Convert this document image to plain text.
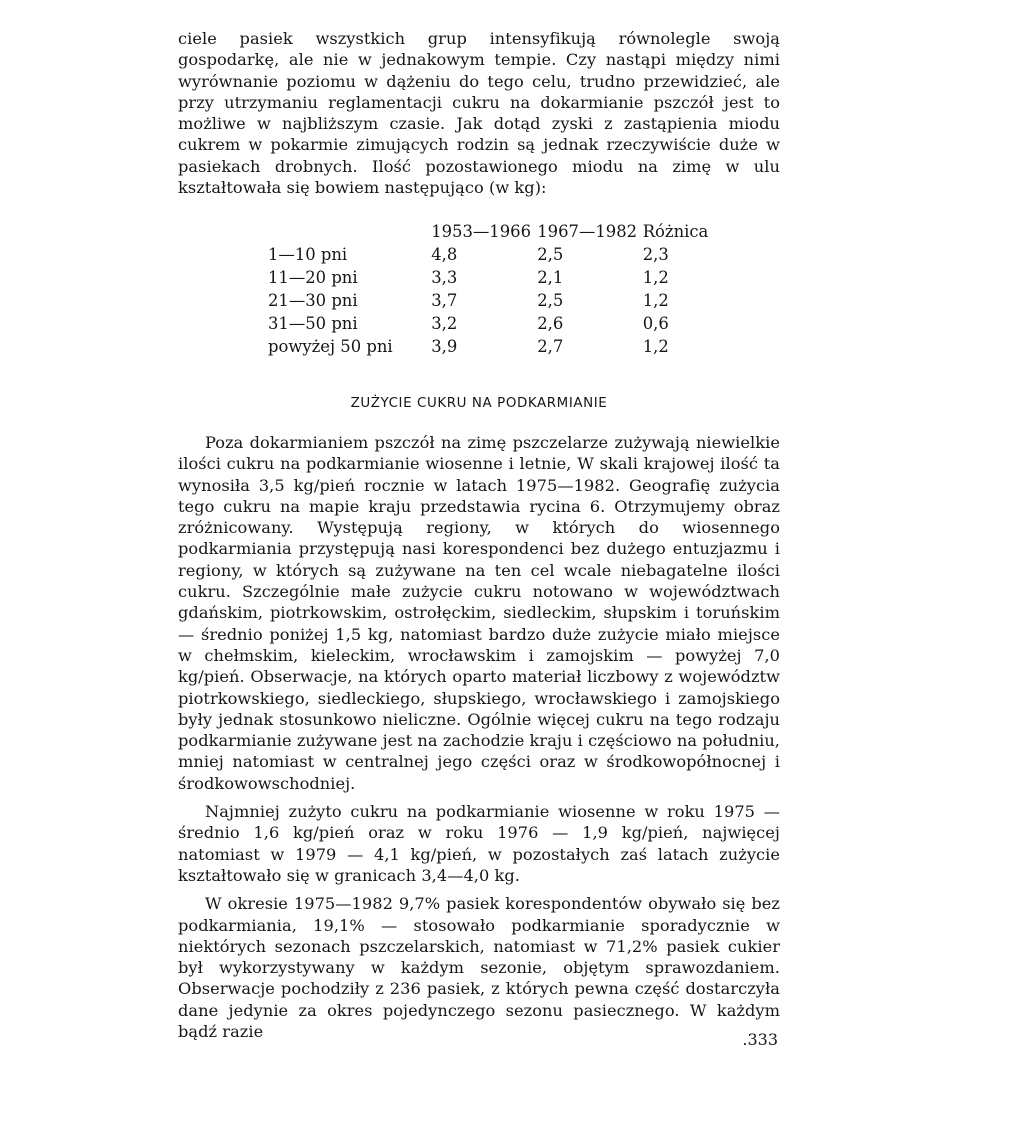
ciele pasiek wszystkich grup intensyfikują równolegle swoją gospodarkę, ale nie w jednakowym tempie. Czy nastąpi między nimi wyrównanie poziomu w dążeniu do tego celu, trudno przewidzieć, ale przy utrzymaniu reglamentacji cukru na dokarmianie pszczół jest to możliwe w najbliższym czasie. Jak dotąd zyski z zastąpienia miodu cukrem w pokarmie zimujących rodzin są jednak rzeczywiście duże w pasiekach drobnych. Ilość pozostawionego miodu na zimę w ulu kształtowała się bowiem następująco (w kg):

	1953—1966	1967—1982	Różnica
1—10 pni	4,8	2,5	2,3
11—20 pni	3,3	2,1	1,2
21—30 pni	3,7	2,5	1,2
31—50 pni	3,2	2,6	0,6
powyżej 50 pni	3,9	2,7	1,2
ZUŻYCIE CUKRU NA PODKARMIANIE

Poza dokarmianiem pszczół na zimę pszczelarze zużywają niewielkie ilości cukru na podkarmianie wiosenne i letnie, W skali krajowej ilość ta wynosiła 3,5 kg/pień rocznie w latach 1975—1982. Geografię zużycia tego cukru na mapie kraju przedstawia rycina 6. Otrzymujemy obraz zróżnicowany. Występują regiony, w których do wiosennego podkarmiania przystępują nasi korespondenci bez dużego entuzjazmu i regiony, w których są zużywane na ten cel wcale niebagatelne ilości cukru. Szczególnie małe zużycie cukru notowano w województwach gdańskim, piotrkowskim, ostrołęckim, siedleckim, słupskim i toruńskim — średnio poniżej 1,5 kg, natomiast bardzo duże zużycie miało miejsce w chełmskim, kieleckim, wrocławskim i zamojskim — powyżej 7,0 kg/pień. Obserwacje, na których oparto materiał liczbowy z województw piotrkowskiego, siedleckiego, słupskiego, wrocławskiego i zamojskiego były jednak stosunkowo nieliczne. Ogólnie więcej cukru na tego rodzaju podkarmianie zużywane jest na zachodzie kraju i częściowo na południu, mniej natomiast w centralnej jego części oraz w środkowopółnocnej i środkowowschodniej.

Najmniej zużyto cukru na podkarmianie wiosenne w roku 1975 — średnio 1,6 kg/pień oraz w roku 1976 — 1,9 kg/pień, najwięcej natomiast w 1979 — 4,1 kg/pień, w pozostałych zaś latach zużycie kształtowało się w granicach 3,4—4,0 kg.

W okresie 1975—1982 9,7% pasiek korespondentów obywało się bez podkarmiania, 19,1% — stosowało podkarmianie sporadycznie w niektórych sezonach pszczelarskich, natomiast w 71,2% pasiek cukier był wykorzystywany w każdym sezonie, objętym sprawozdaniem. Obserwacje pochodziły z 236 pasiek, z których pewna część dostarczyła dane jedynie za okres pojedynczego sezonu pasiecznego. W każdym bądź razie	.333
